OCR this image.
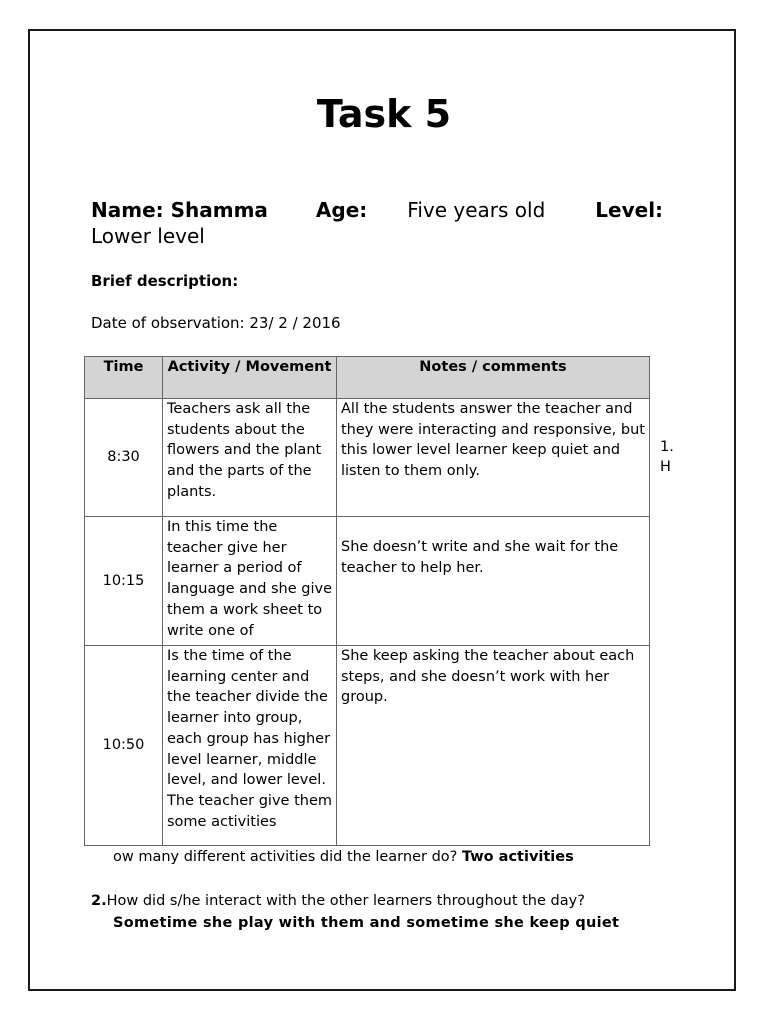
Task 5
Name: Shamma Age: Five years old	Level:
Lower level
Brief description:
Date of observation: 23/ 2 / 2016
Time	Activity / Movement	Notes / comments
8:30	Teachers ask all the students about the flowers and the plant and the parts of the plants.	All the students answer the teacher and they were interacting and responsive, but this lower level learner keep quiet and listen to them only.

10:15	In this time the teacher give her learner a period of language and she give them a work sheet to write one of	She doesn’t write and she wait for the teacher to help her.

10:50	Is the time of the learning center and the teacher divide the learner into group, each group has higher level learner, middle level, and lower level. The teacher give them some activities	She keep asking the teacher about each steps, and she doesn’t work with her group.
1.
H
ow many different activities did the learner do? Two activities
2.How did s/he interact with the other learners throughout the day?
Sometime she play with them and sometime she keep quiet
